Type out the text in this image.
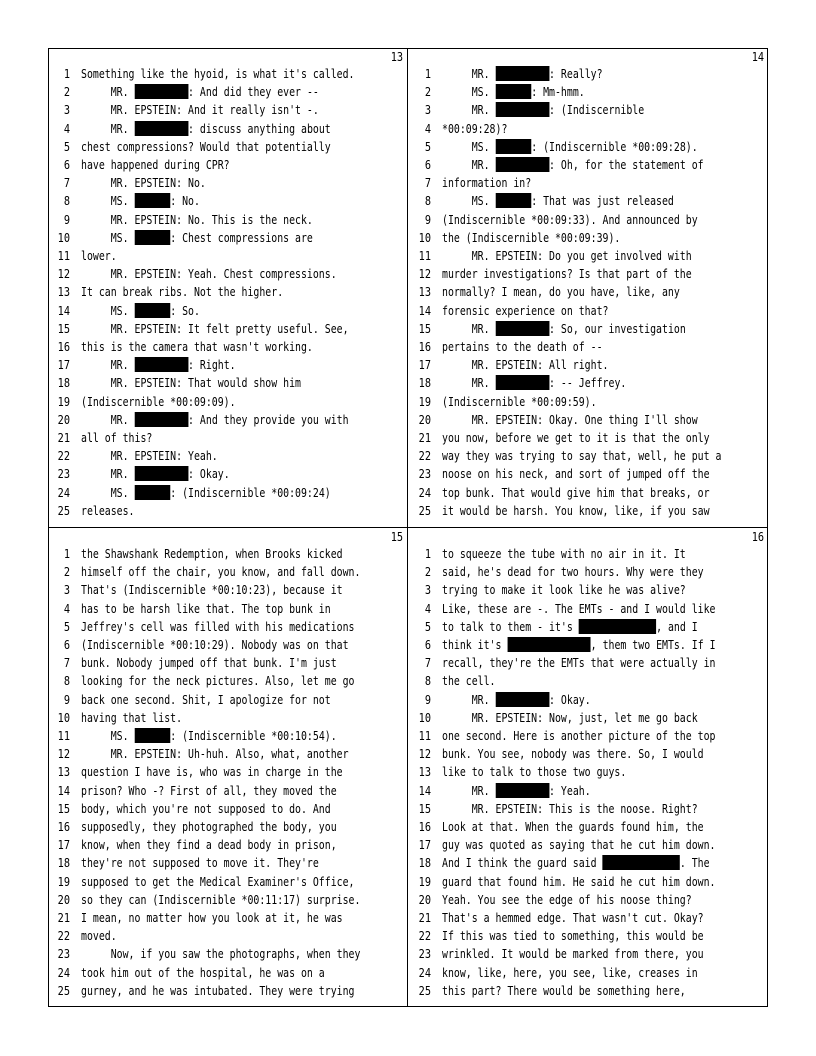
13
1 Something like the hyoid, is what it's called.
2 MR.	: And did they ever --
3 MR. EPSTEIN: And it really isn't -.
4 MR.	: discuss anything about
5 chest compressions? Would that potentially
6 have happened during CPR?
7 MR. EPSTEIN: No.
8 MS.	: No.
9 MR. EPSTEIN: No. This is the neck.
10 MS.	: Chest compressions are
11 lower.
12 MR. EPSTEIN: Yeah. Chest compressions.
13 It can break ribs. Not the higher.
14 MS.	: So.
15 MR. EPSTEIN: It felt pretty useful. See,
16 this is the camera that wasn't working.
17 MR.	: Right.
18 MR. EPSTEIN: That would show him
19 (Indiscernible *00:09:09).
20 MR.	: And they provide you with
21 all of this?
22 MR. EPSTEIN: Yeah.
23 MR.	: Okay.
24 MS.	: (Indiscernible *00:09:24)
25 releases.
14
1 MR.	: Really?
2 MS.	: Mm-hmm.
3 MR.	: (Indiscernible
4 *00:09:28)?
5 MS.	: (Indiscernible *00:09:28).
6 MR.	: Oh, for the statement of
7 information in?
8 MS.	: That was just released
9 (Indiscernible *00:09:33). And announced by
10 the (Indiscernible *00:09:39).
11 MR. EPSTEIN: Do you get involved with
12 murder investigations? Is that part of the
13 normally? I mean, do you have, like, any
14 forensic experience on that?
15 MR.	: So, our investigation
16 pertains to the death of --
17 MR. EPSTEIN: All right.
18 MR.	: -- Jeffrey.
19 (Indiscernible *00:09:59).
20 MR. EPSTEIN: Okay. One thing I'll show
21 you now, before we get to it is that the only
22 way they was trying to say that, well, he put a
23 noose on his neck, and sort of jumped off the
24 top bunk. That would give him that breaks, or
25 it would be harsh. You know, like, if you saw
15
1 the Shawshank Redemption, when Brooks kicked
2 himself off the chair, you know, and fall down.
3 That's (Indiscernible *00:10:23), because it
4 has to be harsh like that. The top bunk in
5 Jeffrey's cell was filled with his medications
6 (Indiscernible *00:10:29). Nobody was on that
7 bunk. Nobody jumped off that bunk. I'm just
8 looking for the neck pictures. Also, let me go
9 back one second. Shit, I apologize for not
10 having that list.
11 MS.	: (Indiscernible *00:10:54).
12 MR. EPSTEIN: Uh-huh. Also, what, another
13 question I have is, who was in charge in the
14 prison? Who -? First of all, they moved the
15 body, which you're not supposed to do. And
16 supposedly, they photographed the body, you
17 know, when they find a dead body in prison,
18 they're not supposed to move it. They're
19 supposed to get the Medical Examiner's Office,
20 so they can (Indiscernible *00:11:17) surprise.
21 I mean, no matter how you look at it, he was
22 moved.
23 Now, if you saw the photographs, when they
24 took him out of the hospital, he was on a
25 gurney, and he was intubated. They were trying
16
1 to squeeze the tube with no air in it. It
2 said, he's dead for two hours. Why were they
3 trying to make it look like he was alive?
4 Like, these are -. The EMTs - and I would like
5 to talk to them - it's	, and I
6 think it's	, them two EMTs. If I
7 recall, they're the EMTs that were actually in
8 the cell.
9 MR.	: Okay.
10 MR. EPSTEIN: Now, just, let me go back
11 one second. Here is another picture of the top
12 bunk. You see, nobody was there. So, I would
13 like to talk to those two guys.
14 MR.	: Yeah.
15 MR. EPSTEIN: This is the noose. Right?
16 Look at that. When the guards found him, the
17 guy was quoted as saying that he cut him down.
18 And I think the guard said	. The
19 guard that found him. He said he cut him down.
20 Yeah. You see the edge of his noose thing?
21 That's a hemmed edge. That wasn't cut. Okay?
22 If this was tied to something, this would be
23 wrinkled. It would be marked from there, you
24 know, like, here, you see, like, creases in
25 this part? There would be something here,
